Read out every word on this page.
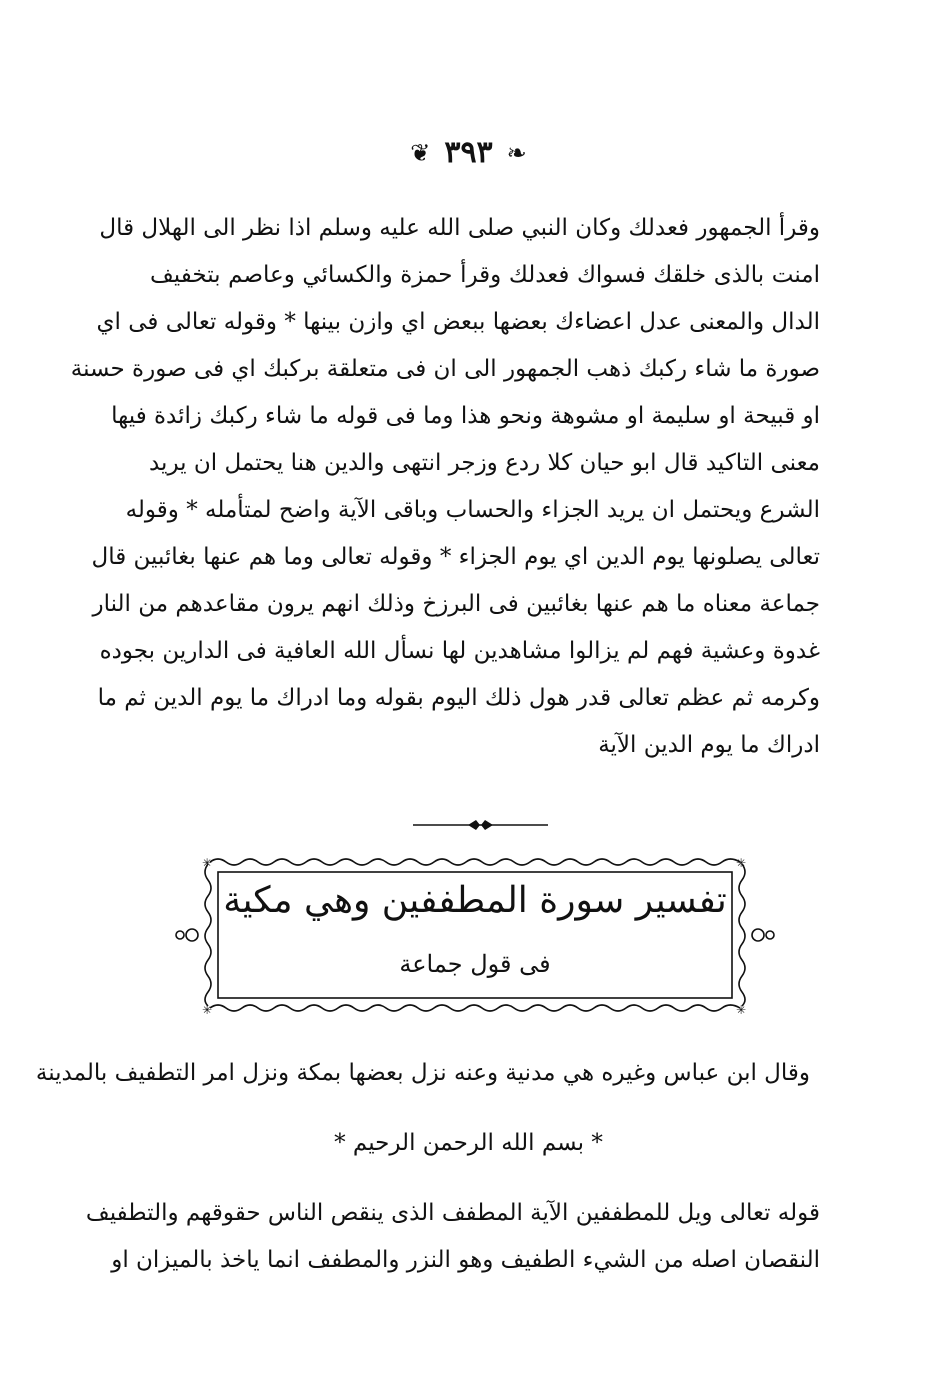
❦ ٣٩٣ ❧
وقرأ الجمهور فعدلك وكان النبي صلى الله عليه وسلم اذا نظر الى الهلال قال
امنت بالذى خلقك فسواك فعدلك وقرأ حمزة والكسائي وعاصم بتخفيف
الدال والمعنى عدل اعضاءك بعضها ببعض اي وازن بينها * وقوله تعالى فى اي
صورة ما شاء ركبك ذهب الجمهور الى ان فى متعلقة بركبك اي فى صورة حسنة
او قبيحة او سليمة او مشوهة ونحو هذا وما فى قوله ما شاء ركبك زائدة فيها
معنى التاكيد قال ابو حيان كلا ردع وزجر انتهى والدين هنا يحتمل ان يريد
الشرع ويحتمل ان يريد الجزاء والحساب وباقى الآية واضح لمتأمله * وقوله
تعالى يصلونها يوم الدين اي يوم الجزاء * وقوله تعالى وما هم عنها بغائبين قال
جماعة معناه ما هم عنها بغائبين فى البرزخ وذلك انهم يرون مقاعدهم من النار
غدوة وعشية فهم لم يزالوا مشاهدين لها نسأل الله العافية فى الدارين بجوده
وكرمه ثم عظم تعالى قدر هول ذلك اليوم بقوله وما ادراك ما يوم الدين ثم ما
ادراك ما يوم الدين الآية
✳	✳
✳	✳
تفسير سورة المطففين وهي مكية
فى قول جماعة
وقال ابن عباس وغيره هي مدنية وعنه نزل بعضها بمكة ونزل امر التطفيف بالمدينة
* بسم الله الرحمن الرحيم *
قوله تعالى ويل للمطففين الآية المطفف الذى ينقص الناس حقوقهم والتطفيف
النقصان اصله من الشيء الطفيف وهو النزر والمطفف انما ياخذ بالميزان او
